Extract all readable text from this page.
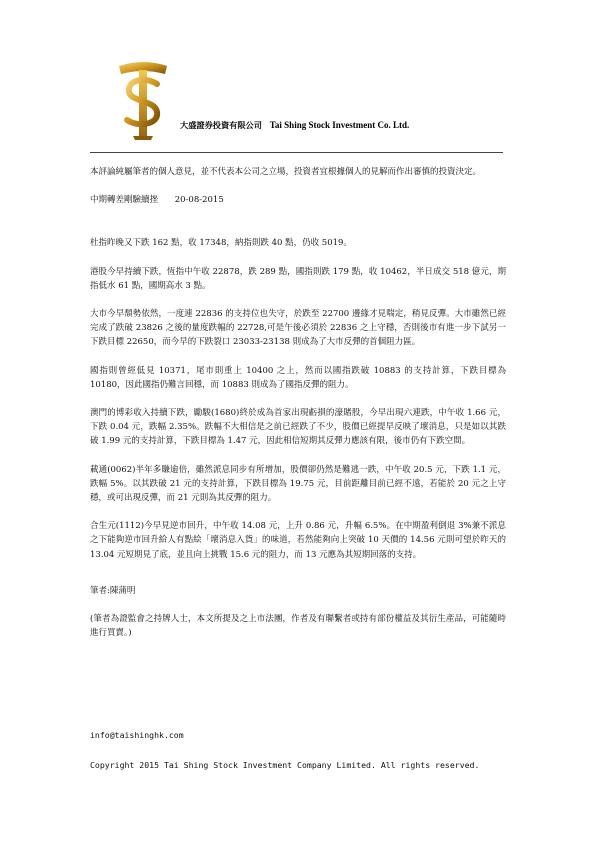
大盛證券投資有限公司 Tai Shing Stock Investment Co. Ltd.

本評論純屬筆者的個人意見，並不代表本公司之立場，投資者宜根據個人的見解而作出審慎的投資決定。

中期轉差剛驗續挫 20-08-2015

杜指昨晚又下跌 162 點，收 17348，納指則跌 40 點，仍收 5019。

港股今早持續下跌，恆指中午收 22878，跌 289 點，國指則跌 179 點，收 10462，半日成交 518 億元，期指低水 61 點，國期高水 3 點。

大市今早頹勢依然，一度連 22836 的支持位也失守，於跌至 22700 邊緣才見喘定，稍見反彈。大市雖然已經完成了跌破 23826 之後的量度跌幅的 22728,可是午後必須於 22836 之上守穩，否則後市有進一步下試另一下跌目標 22650，而今早的下跌裂口 23033-23138 則成為了大市反彈的首個阻力區。

國指則曾經低見 10371，尾市則重上 10400 之上，然而以國指跌破 10883 的支持計算，下跌目標為 10180，因此國指仍難言回穩，而 10883 則成為了國指反彈的阻力。

澳門的博彩收入持續下跌，勵駿(1680)終於成為首家出現虧損的濠賭股，今早出現六連跌，中午收 1.66 元，下跌 0.04 元，跌幅 2.35%。跌幅不大相信是之前已經跌了不少，股價已經提早反映了壞消息，只是如以其跌破 1.99 元的支持計算，下跌目標為 1.47 元，因此相信短期其反彈力應該有限，後市仍有下跌空間。

載通(0062)半年多賺逾倍，雖然派息同步有所增加，股價卻仍然是難逃一跌，中午收 20.5 元，下跌 1.1 元，跌幅 5%。以其跌破 21 元的支持計算，下跌目標為 19.75 元，目前距離目前已經不遠，若能於 20 元之上守穩，或可出現反彈，而 21 元則為其反彈的阻力。

合生元(1112)今早見逆市回升，中午收 14.08 元，上升 0.86 元，升幅 6.5%。在中期盈利倒退 3%兼不派息之下能夠逆市回升給人有點絵「壞消息入貨」的味道，若然能夠向上突破 10 天價的 14.56 元則可望於昨天的 13.04 元短期見了底，並且向上挑戰 15.6 元的阻力，而 13 元應為其短期回落的支持。

筆者:陳蒲明

(筆者為證監會之持牌人士，本文所提及之上市法團，作者及有聯繫者或持有部份權益及其衍生產品，可能隨時進行買賣。)

info@taishinghk.com
Copyright 2015 Tai Shing Stock Investment Company Limited. All rights reserved.
